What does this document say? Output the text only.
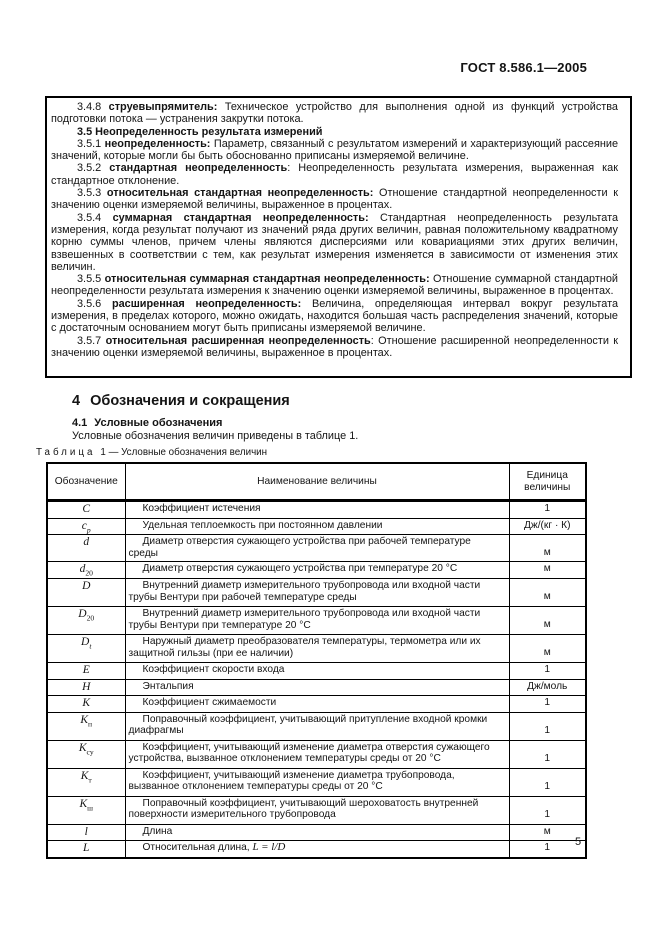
ГОСТ 8.586.1—2005

3.4.8 струевыпрямитель: Техническое устройство для выполнения одной из функций устройства подготовки потока — устранения закрутки потока.

3.5 Неопределенность результата измерений

3.5.1 неопределенность: Параметр, связанный с результатом измерений и характеризующий рассеяние значений, которые могли бы быть обоснованно приписаны измеряемой величине.

3.5.2 стандартная неопределенность: Неопределенность результата измерения, выраженная как стандартное отклонение.

3.5.3 относительная стандартная неопределенность: Отношение стандартной неопределенности к значению оценки измеряемой величины, выраженное в процентах.

3.5.4 суммарная стандартная неопределенность: Стандартная неопределенность результата измерения, когда результат получают из значений ряда других величин, равная положительному квадратному корню суммы членов, причем члены являются дисперсиями или ковариациями этих других величин, взвешенных в соответствии с тем, как результат измерения изменяется в зависимости от изменения этих величин.

3.5.5 относительная суммарная стандартная неопределенность: Отношение суммарной стандартной неопределенности результата измерения к значению оценки измеряемой величины, выраженное в процентах.

3.5.6 расширенная неопределенность: Величина, определяющая интервал вокруг результата измерения, в пределах которого, можно ожидать, находится большая часть распределения значений, которые с достаточным основанием могут быть приписаны измеряемой величине.

3.5.7 относительная расширенная неопределенность: Отношение расширенной неопределенности к значению оценки измеряемой величины, выраженное в процентах.

4 Обозначения и сокращения
4.1 Условные обозначения
Условные обозначения величин приведены в таблице 1.
Таблица 1 — Условные обозначения величин
Обозначение	Наименование величины	Единица величины
C	Коэффициент истечения	1
$c_p$	Удельная теплоемкость при постоянном давлении	Дж/(кг · К)
d	Диаметр отверстия сужающего устройства при рабочей температуре среды	м
$d_{20}$	Диаметр отверстия сужающего устройства при температуре 20 °С	м
D	Внутренний диаметр измерительного трубопровода или входной части трубы Вентури при рабочей температуре среды	м
$D_{20}$	Внутренний диаметр измерительного трубопровода или входной части трубы Вентури при температуре 20 °С	м
$D_t$	Наружный диаметр преобразователя температуры, термометра или их защитной гильзы (при ее наличии)	м
E	Коэффициент скорости входа	1
H	Энтальпия	Дж/моль
K	Коэффициент сжимаемости	1
$K_п$	Поправочный коэффициент, учитывающий притупление входной кромки диафрагмы	1
$K_{су}$	Коэффициент, учитывающий изменение диаметра отверстия сужающего устройства, вызванное отклонением температуры среды от 20 °С	1
$K_т$	Коэффициент, учитывающий изменение диаметра трубопровода, вызванное отклонением температуры среды от 20 °С	1
$K_ш$	Поправочный коэффициент, учитывающий шероховатость внутренней поверхности измерительного трубопровода	1
l	Длина	м
L	Относительная длина, L = l/D	1	5
